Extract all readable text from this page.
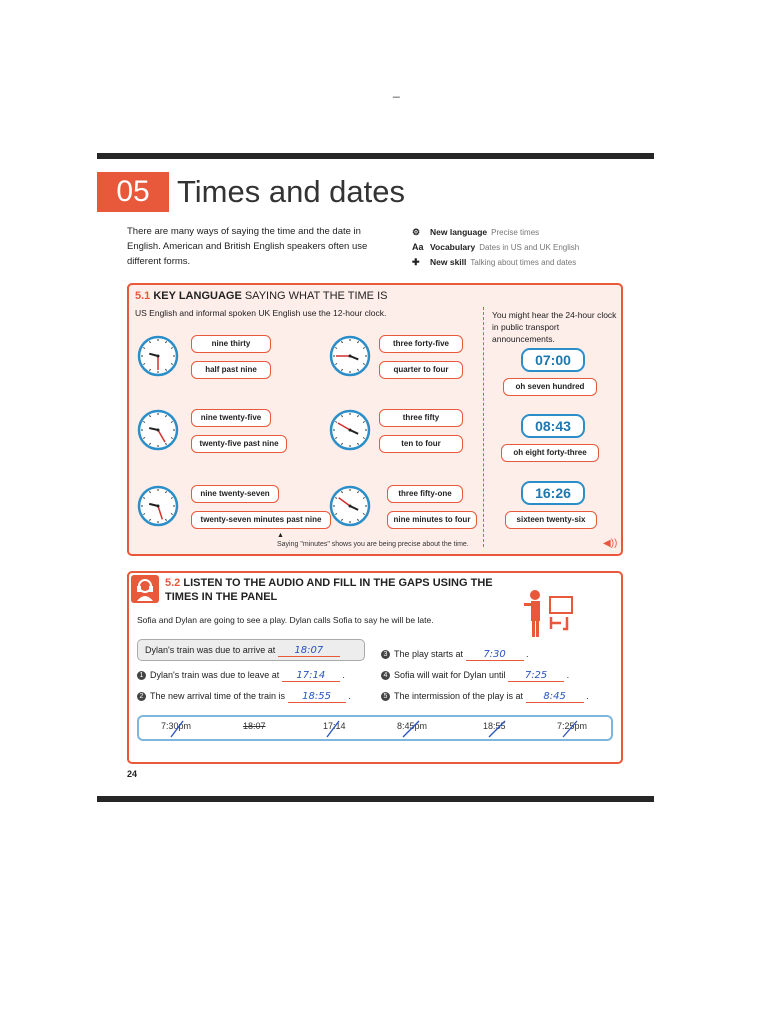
_
05 Times and dates
There are many ways of saying the time and the date in English. American and British English speakers often use different forms.
⚙	New language Precise times
Aa Vocabulary Dates in US and UK English
✚	New skill Talking about times and dates
5.1 KEY LANGUAGE SAYING WHAT THE TIME IS
US English and informal spoken UK English use the 12-hour clock.	You might hear the 24-hour clock in public transport announcements.
nine thirty
half past nine
three forty-five
quarter to four
nine twenty-five
twenty-five past nine
three fifty
ten to four
nine twenty-seven
twenty-seven minutes past nine
three fifty-one
nine minutes to four
▲
Saying "minutes" shows you are being precise about the time.
07:00
oh seven hundred
08:43
oh eight forty-three
16:26
sixteen twenty-six
◀))
5.2 LISTEN TO THE AUDIO AND FILL IN THE GAPS USING THE TIMES IN THE PANEL
Sofia and Dylan are going to see a play. Dylan calls Sofia to say he will be late.
Dylan's train was due to arrive at 18:07
1 Dylan's train was due to leave at 17:14 .
2 The new arrival time of the train is 18:55 .
3 The play starts at 7:30 .
4 Sofia will wait for Dylan until 7:25 .
5 The intermission of the play is at 8:45 .
7:30pm	18:07	17:14	8:45pm	18:55	7:25pm
24
